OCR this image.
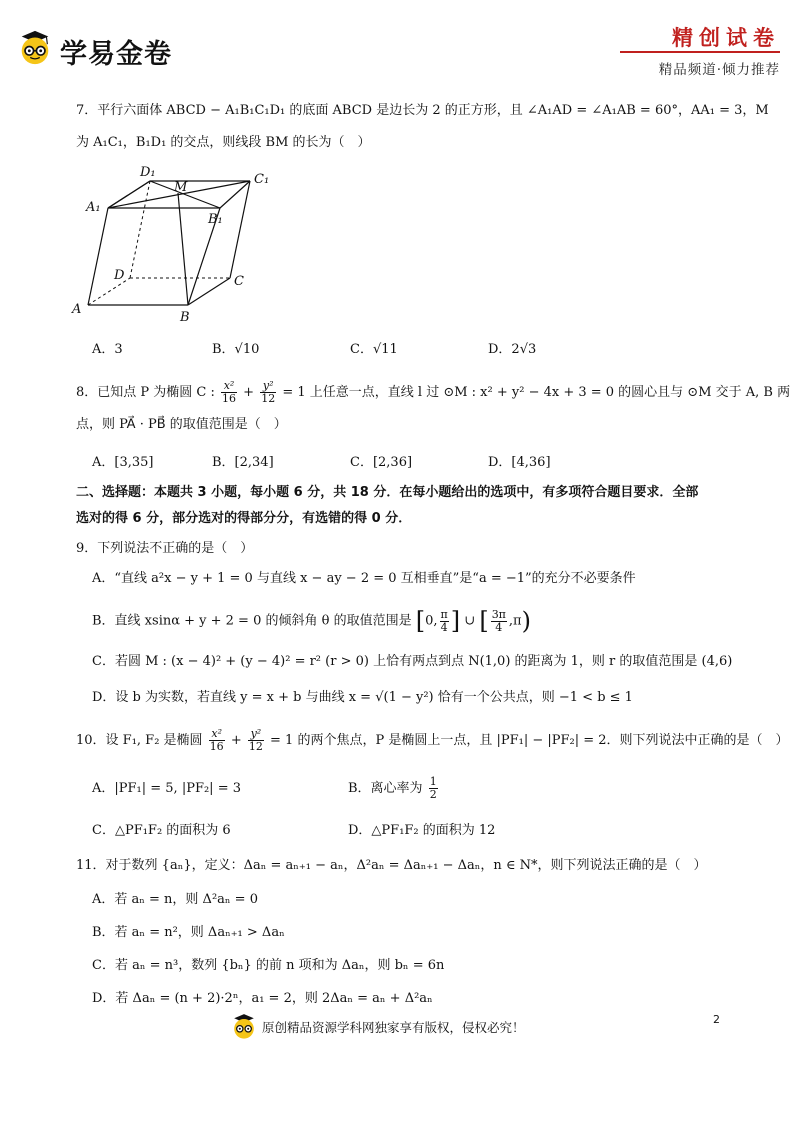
学易金卷
精创试卷
精品频道·倾力推荐
7．平行六面体 ABCD − A₁B₁C₁D₁ 的底面 ABCD 是边长为 2 的正方形，且 ∠A₁AD = ∠A₁AB = 60°，AA₁ = 3，M
为 A₁C₁，B₁D₁ 的交点，则线段 BM 的长为（　）
D₁
M
C₁
A₁
B₁
D	C
A
B
A．3	B．√10	C．√11	D．2√3
8．已知点 P 为椭圆 C : $\frac{\text{x²}}{16} + \frac{\text{y²}}{12} = 1$ 上任意一点，直线 l 过 ⊙M : x² + y² − 4x + 3 = 0 的圆心且与 ⊙M 交于 A, B 两
点，则 PA⃗ · PB⃗ 的取值范围是（　）
A．[3,35]	B．[2,34]	C．[2,36]	D．[4,36]
二、选择题：本题共 3 小题，每小题 6 分，共 18 分．在每小题给出的选项中，有多项符合题目要求．全部
选对的得 6 分，部分选对的得部分分，有选错的得 0 分．
9．下列说法不正确的是（　）
A．“直线 a²x − y + 1 = 0 与直线 x − ay − 2 = 0 互相垂直”是“a = −1”的充分不必要条件
B．直线 xsinα + y + 2 = 0 的倾斜角 θ 的取值范围是 [0, $\frac{\pi}{4}$ ] ∪ [ $\frac{3\pi}{4} ,\pi$)
C．若圆 M : (x − 4)² + (y − 4)² = r² (r > 0) 上恰有两点到点 N(1,0) 的距离为 1，则 r 的取值范围是 (4,6)
D．设 b 为实数，若直线 y = x + b 与曲线 x = √(1 − y²) 恰有一个公共点，则 −1 < b ≤ 1
10．设 F₁, F₂ 是椭圆 $\frac{\text{x²}}{16} + \frac{\text{y²}}{12} = 1$ 的两个焦点，P 是椭圆上一点，且 |PF₁| − |PF₂| = 2．则下列说法中正确的是（　）
A．|PF₁| = 5, |PF₂| = 3	B．离心率为 $\frac{1}{2}$
C．△PF₁F₂ 的面积为 6	D．△PF₁F₂ 的面积为 12
11．对于数列 {aₙ}，定义：Δaₙ = aₙ₊₁ − aₙ，Δ²aₙ = Δaₙ₊₁ − Δaₙ，n ∈ N*，则下列说法正确的是（　）
A．若 aₙ = n，则 Δ²aₙ = 0
B．若 aₙ = n²，则 Δaₙ₊₁ > Δaₙ
C．若 aₙ = n³，数列 {bₙ} 的前 n 项和为 Δaₙ，则 bₙ = 6n
D．若 Δaₙ = (n + 2)·2ⁿ，a₁ = 2，则 2Δaₙ = aₙ + Δ²aₙ
原创精品资源学科网独家享有版权，侵权必究！
2
